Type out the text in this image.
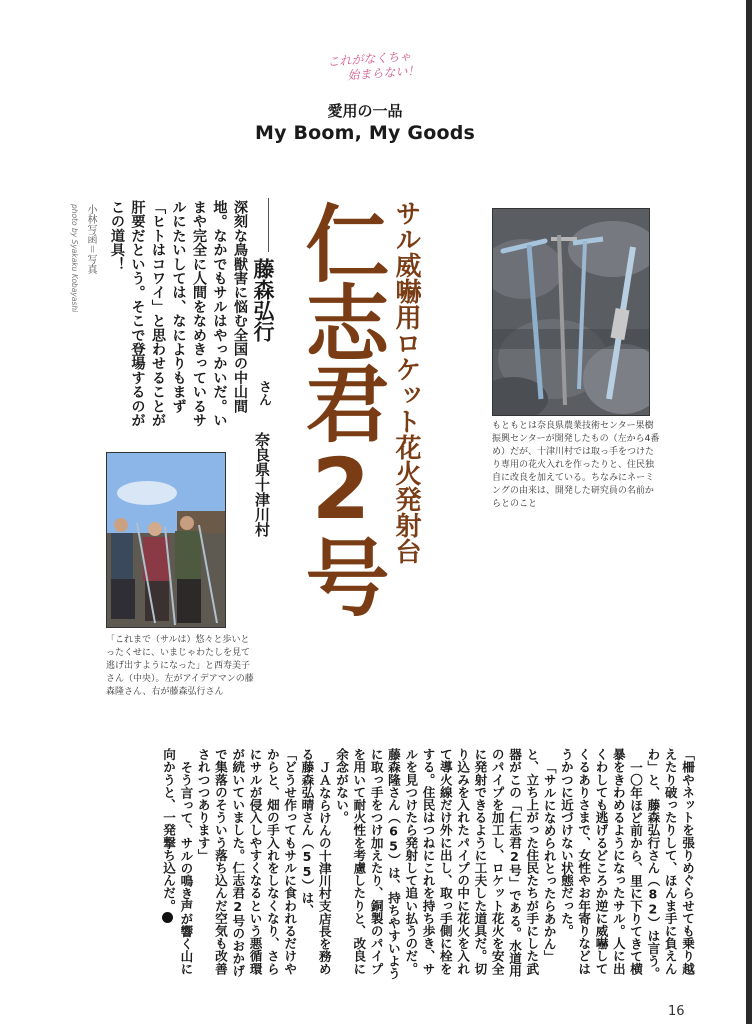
これがなくちゃ
始まらない！
愛用の一品
My Boom, My Goods
サル威嚇用ロケット花火発射台
仁志君2号
藤森弘行
さん
奈良県十津川村
深刻な鳥獣害に悩む全国の中山間地。なかでもサルはやっかいだ。いまや完全に人間をなめきっているサルにたいしては、なによりもまず「ヒトはコワイ」と思わせることが肝要だという。そこで登場するのがこの道具！
小林写函＝写真
photo by Syakaku Kobayashi
もともとは奈良県農業技術センター果樹振興センターが開発したもの（左から4番め）だが、十津川村では取っ手をつけたり専用の花火入れを作ったりと、住民独自に改良を加えている。ちなみにネーミングの由来は、開発した研究員の名前からとのこと
「これまで（サルは）悠々と歩いとったくせに、いまじゃわたしを見て逃げ出すようになった」と西寿美子さん（中央）。左がアイデアマンの藤森隆さん、右が藤森弘行さん

「柵やネットを張りめぐらせても乗り越えたり破ったりして、ほんま手に負えんわ」と、藤森弘行さん（82）は言う。

一〇年ほど前から、里に下りてきて横暴をきわめるようになったサル。人に出くわしても逃げるどころか逆に威嚇してくるありさまで、女性やお年寄りなどはうかつに近づけない状態だった。

「サルになめられとったらあかん」と、立ち上がった住民たちが手にした武器がこの「仁志君2号」である。水道用のパイプを加工し、ロケット花火を安全に発射できるように工夫した道具だ。切り込みを入れたパイプの中に花火を入れて導火線だけ外に出し、取っ手側に栓をする。住民はつねにこれを持ち歩き、サルを見つけたら発射して追い払うのだ。藤森隆さん（65）は、持ちやすいように取っ手をつけ加えたり、銅製のパイプを用いて耐火性を考慮したりと、改良に余念がない。

ＪＡならけんの十津川村支店長を務める藤森弘晴さん（55）は、

「どうせ作ってもサルに食われるだけやからと、畑の手入れをしなくなり、さらにサルが侵入しやすくなるという悪循環が続いていました。仁志君2号のおかげで集落のそういう落ち込んだ空気も改善されつつあります」

そう言って、サルの鳴き声が響く山に向かうと、一発撃ち込んだ。◆

16
